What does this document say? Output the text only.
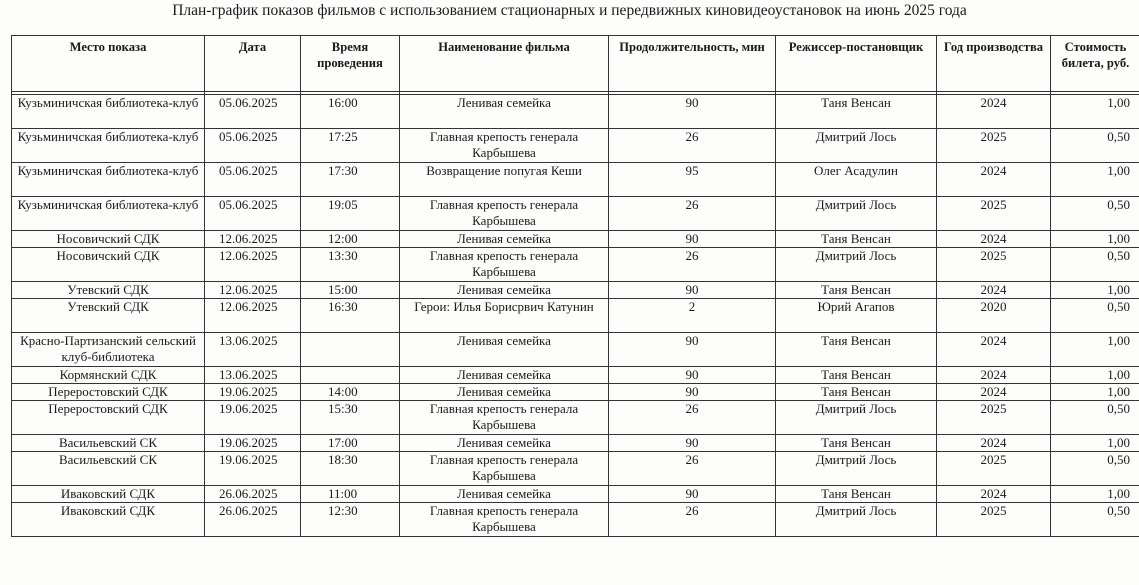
План-график показов фильмов с использованием стационарных и передвижных киновидеоустановок на июнь 2025 года
Место показа	Дата	Время проведения	Наименование фильма	Продолжительность, мин	Режиссер-постановщик	Год производства	Стоимость билета, руб.

Кузьминичская библиотека-клуб	05.06.2025	16:00	Ленивая семейка	90	Таня Венсан	2024	1,00
Кузьминичская библиотека-клуб	05.06.2025	17:25	Главная крепость генерала Карбышева	26	Дмитрий Лось	2025	0,50
Кузьминичская библиотека-клуб	05.06.2025	17:30	Возвращение попугая Кеши	95	Олег Асадулин	2024	1,00
Кузьминичская библиотека-клуб	05.06.2025	19:05	Главная крепость генерала Карбышева	26	Дмитрий Лось	2025	0,50
Носовичский СДК	12.06.2025	12:00	Ленивая семейка	90	Таня Венсан	2024	1,00
Носовичский СДК	12.06.2025	13:30	Главная крепость генерала Карбышева	26	Дмитрий Лось	2025	0,50
Утевский СДК	12.06.2025	15:00	Ленивая семейка	90	Таня Венсан	2024	1,00
Утевский СДК	12.06.2025	16:30	Герои: Илья Борисрвич Катунин	2	Юрий Агапов	2020	0,50
Красно-Партизанский сельский клуб-библиотека	13.06.2025		Ленивая семейка	90	Таня Венсан	2024	1,00
Кормянский СДК	13.06.2025		Ленивая семейка	90	Таня Венсан	2024	1,00
Переростовский СДК	19.06.2025	14:00	Ленивая семейка	90	Таня Венсан	2024	1,00
Переростовский СДК	19.06.2025	15:30	Главная крепость генерала Карбышева	26	Дмитрий Лось	2025	0,50
Васильевский СК	19.06.2025	17:00	Ленивая семейка	90	Таня Венсан	2024	1,00
Васильевский СК	19.06.2025	18:30	Главная крепость генерала Карбышева	26	Дмитрий Лось	2025	0,50
Иваковский СДК	26.06.2025	11:00	Ленивая семейка	90	Таня Венсан	2024	1,00
Иваковский СДК	26.06.2025	12:30	Главная крепость генерала Карбышева	26	Дмитрий Лось	2025	0,50
